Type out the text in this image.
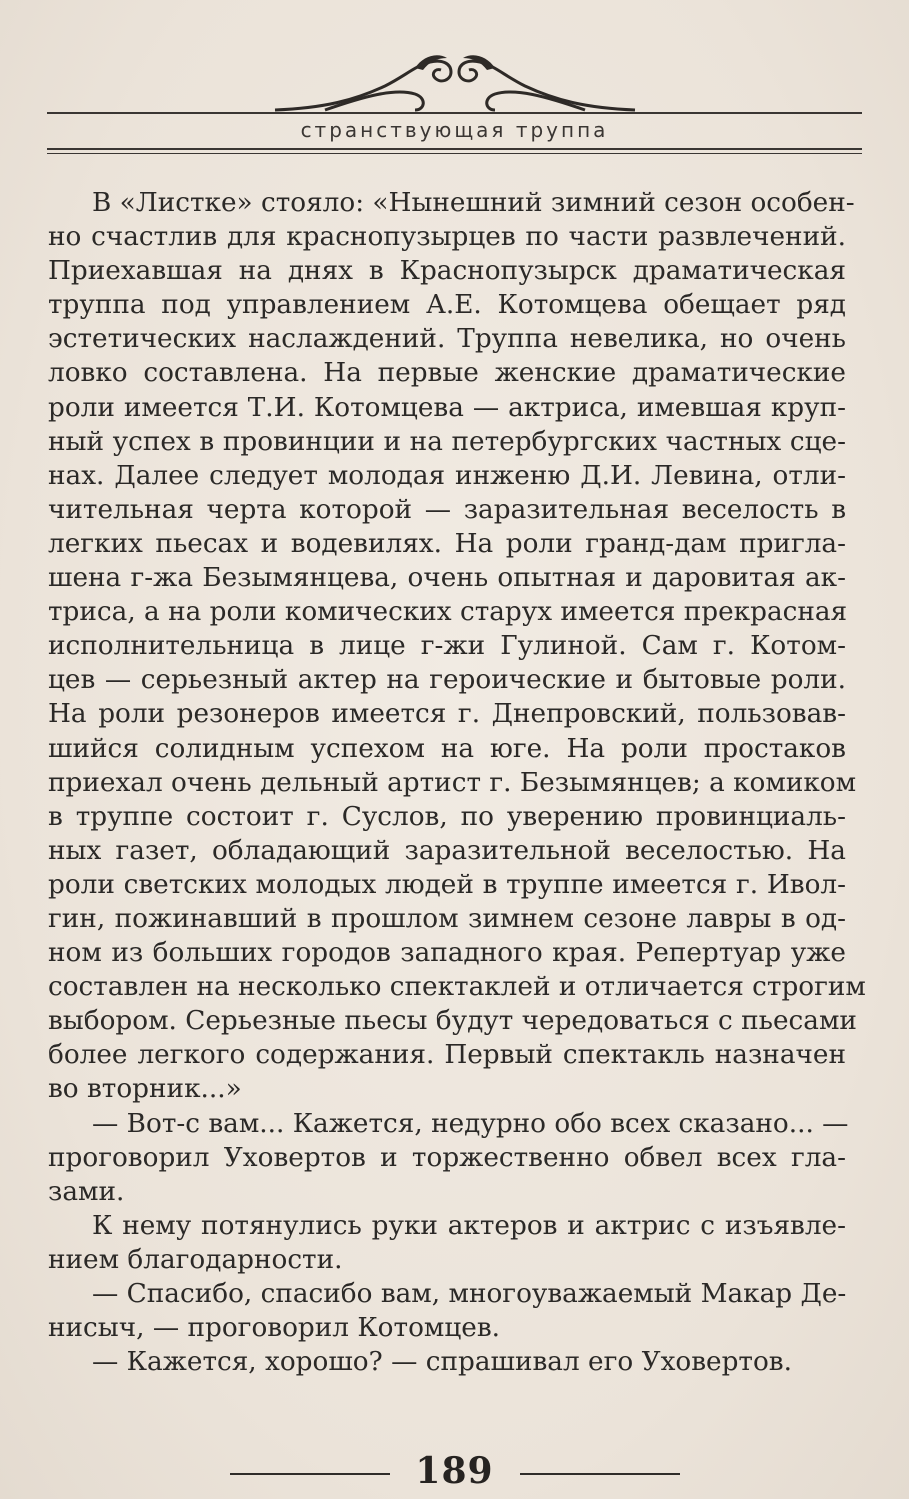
странствующая труппа
В «Листке» стояло: «Нынешний зимний сезон особен-
но счастлив для краснопузырцев по части развлечений.
Приехавшая на днях в Краснопузырск драматическая
труппа под управлением А.Е. Котомцева обещает ряд
эстетических наслаждений. Труппа невелика, но очень
ловко составлена. На первые женские драматические
роли имеется Т.И. Котомцева — актриса, имевшая круп-
ный успех в провинции и на петербургских частных сце-
нах. Далее следует молодая инженю Д.И. Левина, отли-
чительная черта которой — заразительная веселость в
легких пьесах и водевилях. На роли гранд-дам пригла-
шена г-жа Безымянцева, очень опытная и даровитая ак-
триса, а на роли комических старух имеется прекрасная
исполнительница в лице г-жи Гулиной. Сам г. Котом-
цев — серьезный актер на героические и бытовые роли.
На роли резонеров имеется г. Днепровский, пользовав-
шийся солидным успехом на юге. На роли простаков
приехал очень дельный артист г. Безымянцев; а комиком
в труппе состоит г. Суслов, по уверению провинциаль-
ных газет, обладающий заразительной веселостью. На
роли светских молодых людей в труппе имеется г. Ивол-
гин, пожинавший в прошлом зимнем сезоне лавры в од-
ном из больших городов западного края. Репертуар уже
составлен на несколько спектаклей и отличается строгим
выбором. Серьезные пьесы будут чередоваться с пьесами
более легкого содержания. Первый спектакль назначен
во вторник...»
— Вот-с вам... Кажется, недурно обо всех сказано... —
проговорил Уховертов и торжественно обвел всех гла-
зами.
К нему потянулись руки актеров и актрис с изъявле-
нием благодарности.
— Спасибо, спасибо вам, многоуважаемый Макар Де-
нисыч, — проговорил Котомцев.
— Кажется, хорошо? — спрашивал его Уховертов.
189
